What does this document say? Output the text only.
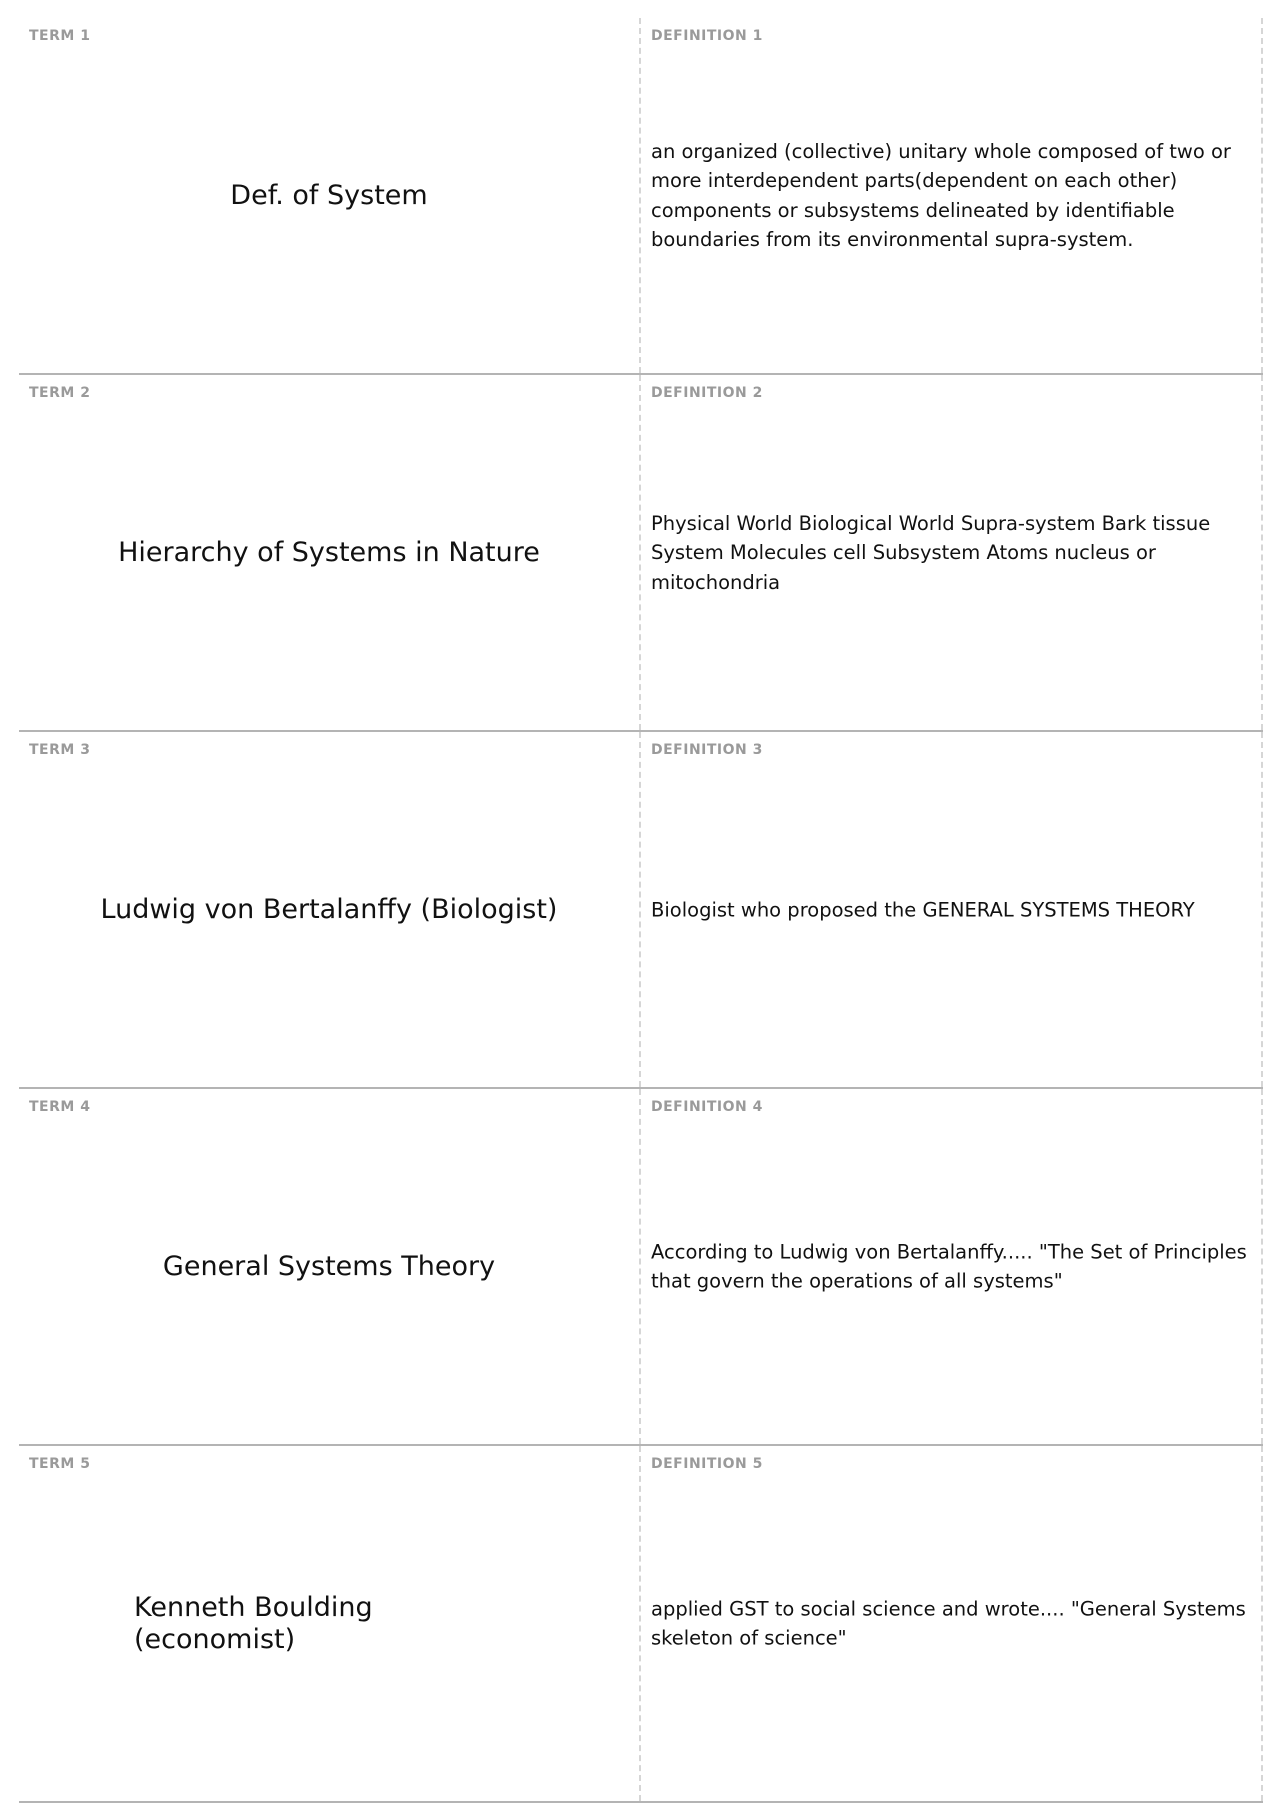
TERM 1
Def. of System
DEFINITION 1
an organized (collective) unitary whole composed of two or more interdependent parts(dependent on each other) components or subsystems delineated by identifiable boundaries from its environmental supra-system.
TERM 2
Hierarchy of Systems in Nature
DEFINITION 2
Physical World Biological World Supra-system Bark tissue System Molecules cell Subsystem Atoms nucleus or mitochondria
TERM 3
Ludwig von Bertalanffy (Biologist)
DEFINITION 3
Biologist who proposed the GENERAL SYSTEMS THEORY
TERM 4
General Systems Theory
DEFINITION 4
According to Ludwig von Bertalanffy..... "The Set of Principles that govern the operations of all systems"
TERM 5
Kenneth Boulding (economist)
DEFINITION 5
applied GST to social science and wrote.... "General Systems skeleton of science"
